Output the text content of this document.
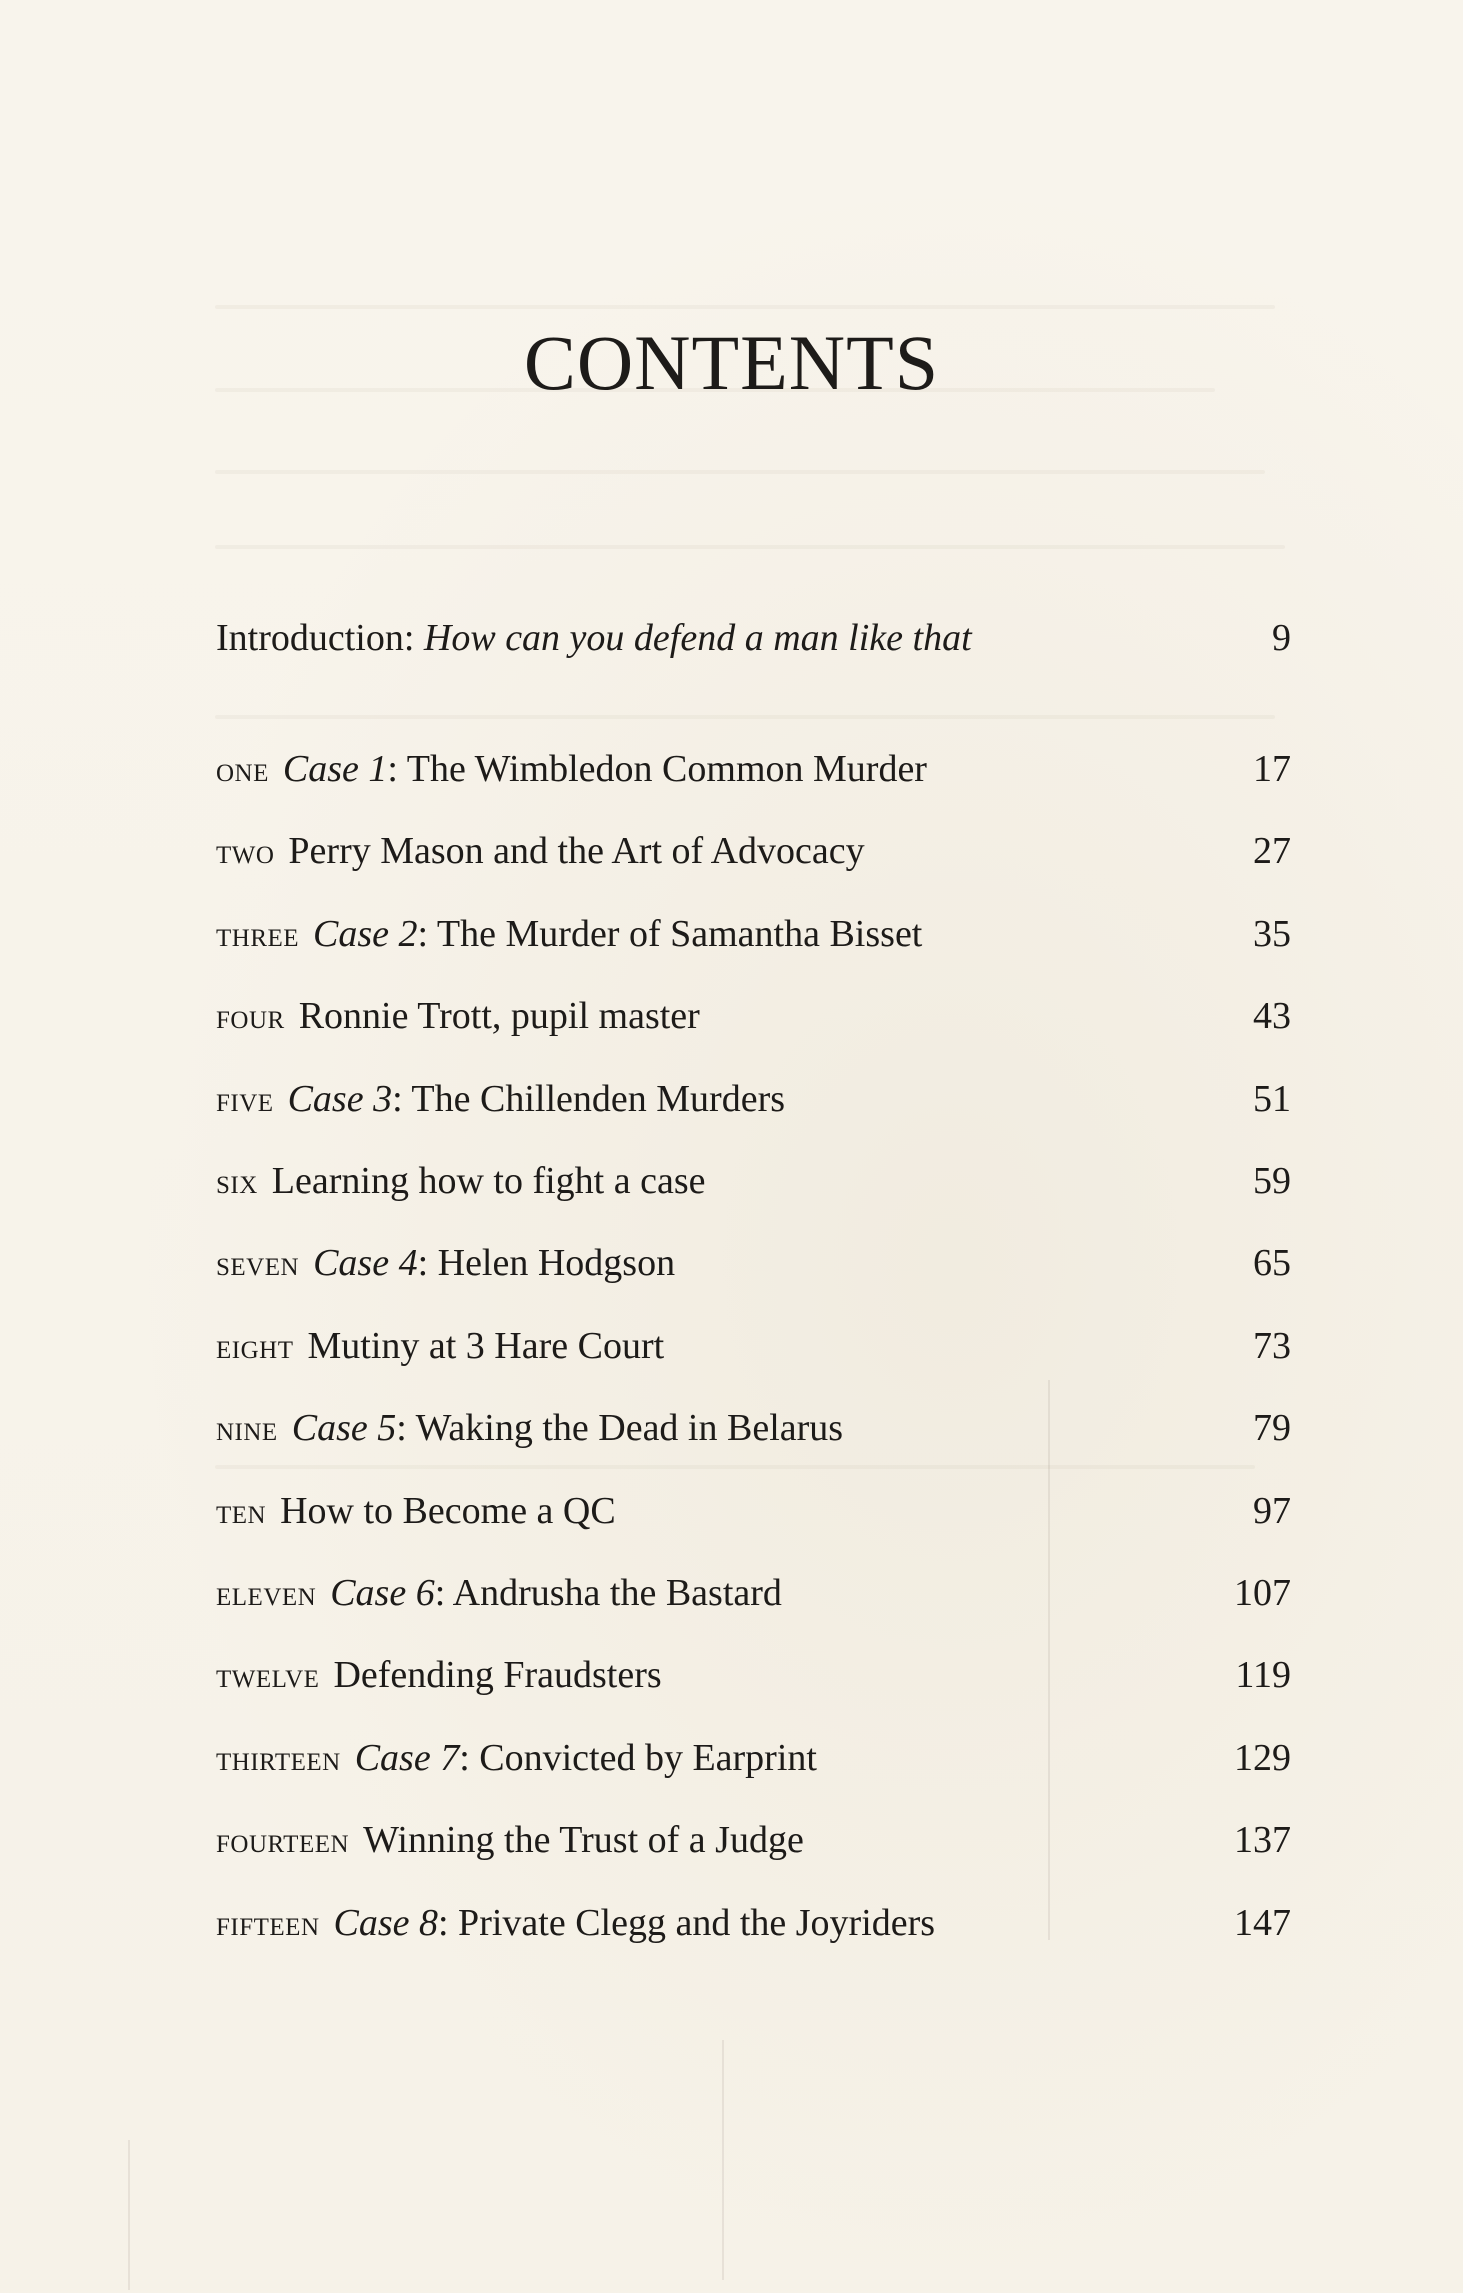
CONTENTS
Introduction: How can you defend a man like that	9
one Case 1: The Wimbledon Common Murder	17
two Perry Mason and the Art of Advocacy	27
three Case 2: The Murder of Samantha Bisset	35
four Ronnie Trott, pupil master	43
five Case 3: The Chillenden Murders	51
six Learning how to fight a case	59
seven Case 4: Helen Hodgson	65
eight Mutiny at 3 Hare Court	73
nine Case 5: Waking the Dead in Belarus	79
ten How to Become a QC	97
eleven Case 6: Andrusha the Bastard	107
twelve Defending Fraudsters	119
thirteen Case 7: Convicted by Earprint	129
fourteen Winning the Trust of a Judge	137
fifteen Case 8: Private Clegg and the Joyriders	147
